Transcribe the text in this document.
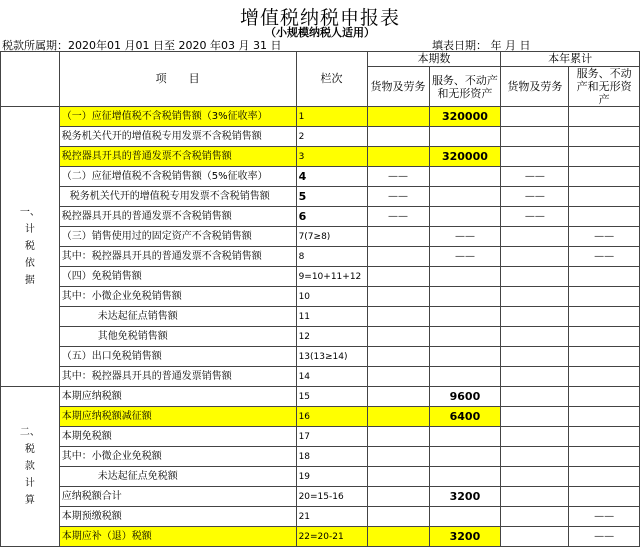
增值税纳税申报表
（小规模纳税人适用）
税款所属期：2020年01 月01 日至 2020 年03 月 31 日	填表日期： 年 月 日
	项　　目	栏次	本期数		本年累计	
			货物及劳务	服务、不动产和无形资产	货物及劳务	服务、不动产和无形资产
一、
计
税
依
据	（一）应征增值税不含税销售额（3%征收率）	1		320000		
	税务机关代开的增值税专用发票不含税销售额	2				
	税控器具开具的普通发票不含税销售额	3		320000		
	（二）应征增值税不含税销售额（5%征收率）	4	——		——	
	税务机关代开的增值税专用发票不含税销售额	5	——		——	
	税控器具开具的普通发票不含税销售额	6	——		——	
	（三）销售使用过的固定资产不含税销售额	7(7≥8)		——		——
	其中：税控器具开具的普通发票不含税销售额	8		——		——
	（四）免税销售额	9=10+11+12				
	其中：小微企业免税销售额	10				
	未达起征点销售额	11				
	其他免税销售额	12				
	（五）出口免税销售额	13(13≥14)				
	其中：税控器具开具的普通发票销售额	14				
二、
税
款
计
算	本期应纳税额	15		9600		
	本期应纳税额减征额	16		6400		
	本期免税额	17				
	其中：小微企业免税额	18				
	未达起征点免税额	19				
	应纳税额合计	20=15-16		3200		
	本期预缴税额	21				——
	本期应补（退）税额	22=20-21		3200		——
